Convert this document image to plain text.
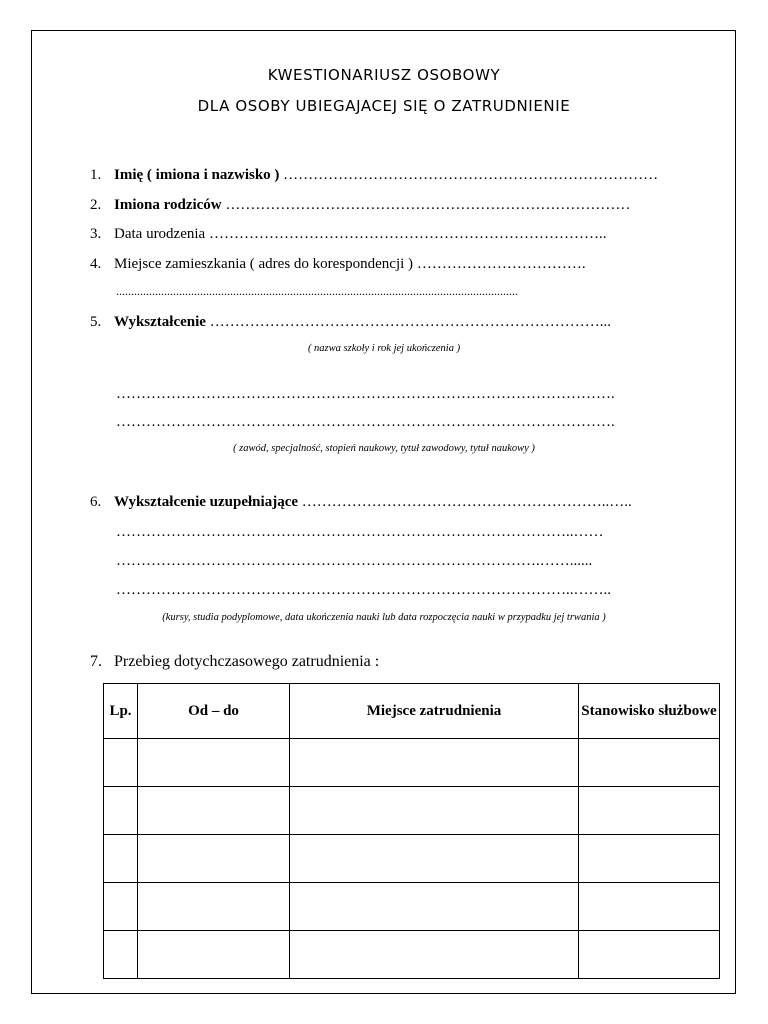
KWESTIONARIUSZ OSOBOWY
DLA OSOBY UBIEGAJACEJ SIĘ O ZATRUDNIENIE
1. Imię ( imiona i nazwisko ) …………………………………………………………………
2. Imiona rodziców ………………………………………………………………………
3. Data urodzenia ……………………………………………………………………..
4. Miejsce zamieszkania ( adres do korespondencji ) …………………………….
......................................................................................................................................
5. Wykształcenie ……………………………………………………………………...
( nazwa szkoły i rok jej ukończenia )
……………………………………………………………………………………….
……………………………………………………………………………………….
( zawód, specjalność, stopień naukowy, tytuł zawodowy, tytuł naukowy )
6. Wykształcenie uzupełniające ……………………………………………………..…..
………………………………………………………………………………..……
………………………………………………………………………….……......
………………………………………………………………………………..……..
(kursy, studia podyplomowe, data ukończenia nauki lub data rozpoczęcia nauki w przypadku jej trwania )
7. Przebieg dotychczasowego zatrudnienia :
Lp.	Od – do	Miejsce zatrudnienia	Stanowisko służbowe
